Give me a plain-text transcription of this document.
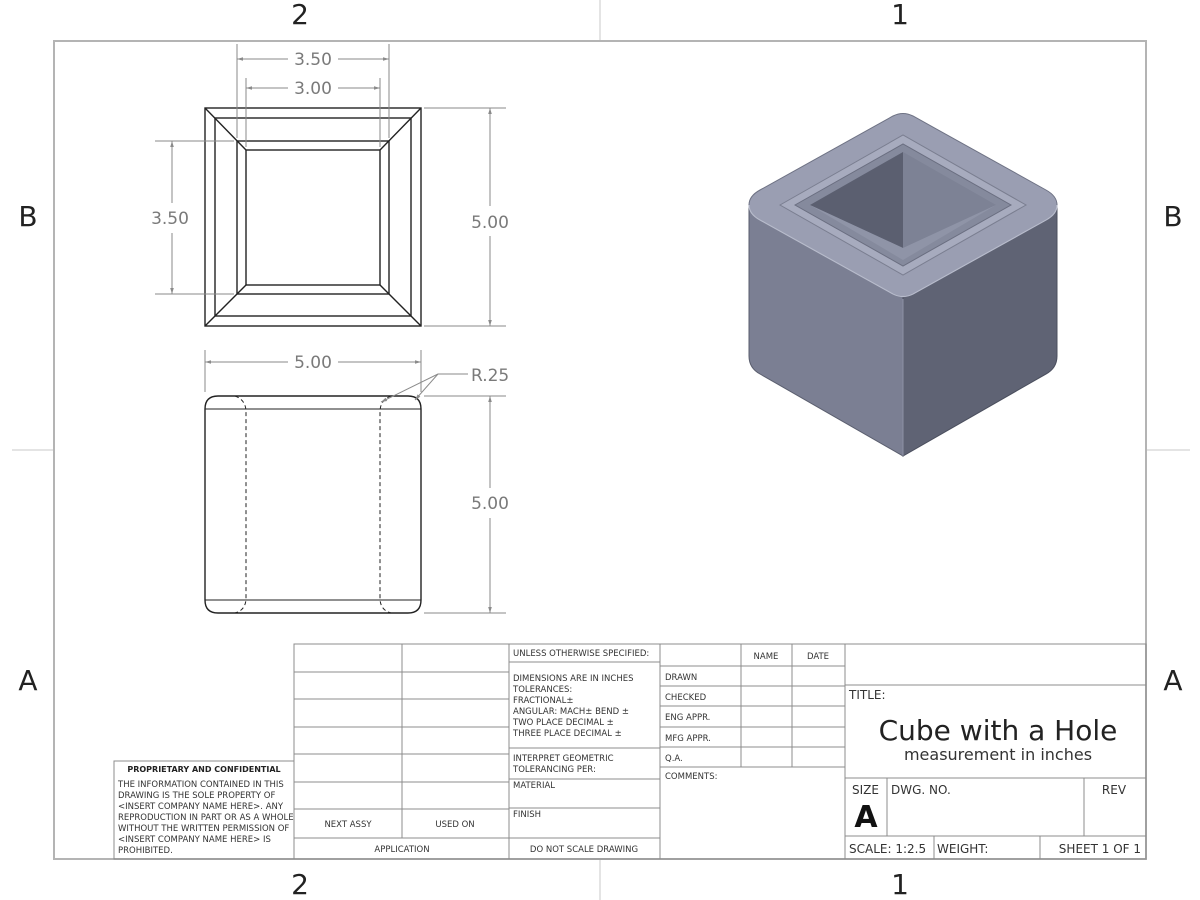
2	1
2	1
B
A
B
A
3.50
3.00
3.50	5.00
5.00
5.00
R.25
PROPRIETARY AND CONFIDENTIAL
THE INFORMATION CONTAINED IN THIS
DRAWING IS THE SOLE PROPERTY OF
<INSERT COMPANY NAME HERE>. ANY
REPRODUCTION IN PART OR AS A WHOLE
WITHOUT THE WRITTEN PERMISSION OF
<INSERT COMPANY NAME HERE> IS
PROHIBITED.
NEXT ASSY	USED ON
APPLICATION
UNLESS OTHERWISE SPECIFIED:
DIMENSIONS ARE IN INCHES
TOLERANCES:
FRACTIONAL±
ANGULAR: MACH± BEND ±
TWO PLACE DECIMAL ±
THREE PLACE DECIMAL ±
INTERPRET GEOMETRIC
TOLERANCING PER:
MATERIAL
FINISH
DO NOT SCALE DRAWING
NAME	DATE
DRAWN
CHECKED
ENG APPR.
MFG APPR.
Q.A.
COMMENTS:
TITLE:
Cube with a Hole
measurement in inches
SIZE
A
DWG. NO.	REV
SCALE: 1:2.5 WEIGHT:	SHEET 1 OF 1
